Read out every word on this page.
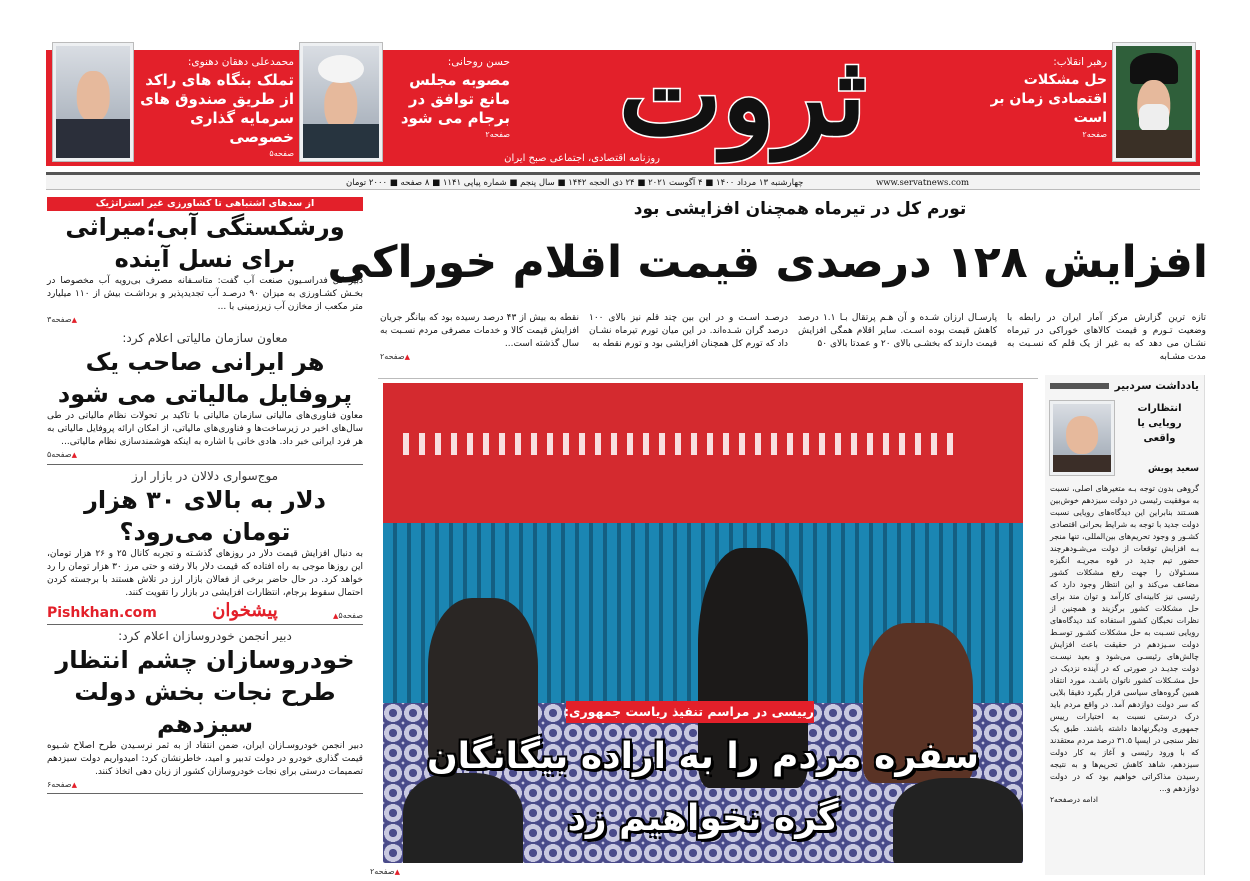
محمدعلی دهقان دهنوی:
تملک بنگاه های راکد از طریق صندوق های سرمایه گذاری خصوصی
صفحه۵
حسن روحانی:
مصوبه مجلس مانع توافق در برجام می شود
صفحه۲ ثروت
روزنامه اقتصادی، اجتماعی صبح ایران
رهبر انقلاب:
حل مشکلات اقتصادی زمان بر است
صفحه۲
چهارشنبه ۱۳ مرداد ۱۴۰۰ ■ ۴ آگوست ۲۰۲۱ ■ ۲۴ ذی الحجه ۱۴۴۲ ■ سال پنجم ■ شماره پیاپی ۱۱۴۱ ■ ۸ صفحه ■ ۲۰۰۰ تومان	www.servatnews.com
تورم کل در تیرماه همچنان افزایشی بود
افزایش ۱۲۸ درصدی قیمت اقلام خوراکی
تازه ترین گزارش مرکز آمار ایران در رابطه با وضعیت تـورم و قیمت کالاهای خوراکی در تیرماه نشـان می دهد که به غیر از یک قلم که نسـبت به مدت مشـابه
پارسـال ارزان شـده و آن هـم پرتقال بـا ۱.۱ درصد کاهش قیمت بوده اسـت. سایر اقلام همگی افزایش قیمت دارند که بخشـی بالای ۲۰ و عمدتا بالای ۵۰
درصـد اسـت و در این بین چند قلم نیز بالای ۱۰۰ درصد گران شـده‌اند. در این میان تورم تیرماه نشـان داد که تورم کل همچنان افزایشی بود و تورم نقطه به
نقطه به بیش از ۴۳ درصد رسیده بود که بیانگر جریان افزایش قیمت کالا و خدمات مصرفی مردم نسـبت به سال گذشته است...
▲ صفحه۲
رییسی در مراسم تنفیذ ریاست جمهوری:
سفره مردم را به اراده بیگانگان
گره نخواهیم زد
▲ صفحه۲
از سدهای اشتباهی تا کشاورزی غیر استراتژیک
ورشکستگی آبی؛میراثی برای نسل آینده
دبیر کل فدراسـیون صنعت آب گفت: متاسـفانه مصرف بی‌رویه آب مخصوصا در بخـش کشـاورزی به میزان ۹۰ درصـد آب تجدیدپذیر و برداشـت بیش از ۱۱۰ میلیارد متر مکعب از مخازن آب زیرزمینی با ...
▲ صفحه۳
معاون سازمان مالیاتی اعلام کرد:
هر ایرانی صاحب یک پروفایل مالیاتی می شود
معاون فناوری‌های مالیاتی سازمان مالیاتی با تاکید بر تحولات نظام مالیاتی در طی سال‌های اخیر در زیرساخت‌ها و فناوری‌های مالیاتی، از امکان ارائه پروفایل مالیاتی به هر فرد ایرانی خبر داد. هادی خانی با اشاره به اینکه هوشمندسازی نظام مالیاتی...
▲ صفحه۵
موج‌سواری دلالان در بازار ارز
دلار به بالای ۳۰ هزار تومان می‌رود؟
به دنبال افزایش قیمت دلار در روزهای گذشـته و تجربه کانال ۲۵ و ۲۶ هزار تومان، این روزها موجی به راه افتاده که قیمت دلار بالا رفته و حتی مرز ۳۰ هزار تومان را رد خواهد کرد. در حال حاضر برخی از فعالان بازار ارز در تلاش هستند با برجسته کردن احتمال سقوط برجام، انتظارات افزایشی در بازار را تقویت کنند.
Pishkhan.com	پیشخوان	▲ صفحه۵
دبیر انجمن خودروسازان اعلام کرد:
خودروسازان چشم انتظار طرح نجات بخش دولت سیزدهم
دبیر انجمن خودروسـازان ایران، ضمن انتقاد از به ثمر نرسـیدن طرح اصلاح شـیوه قیمت گذاری خودرو در دولت تدبیر و امید، خاطرنشان کرد: امیدواریم دولت سیزدهم تصمیمات درستی برای نجات خودروسازان کشور از زبان دهی اتخاذ کنند.
▲ صفحه۶
یادداشت سردبیر
انتظارات رویایی یا واقعی
سعید پویش
گروهی بدون توجه بـه متغیرهای اصلی، نسبت به موفقیت رئیسی در دولت سیزدهم خوش‌بین هسـتند بنابراین این دیدگاه‌های رویایی نسبت دولت جدید با توجه به شرایط بحرانی اقتصادی کشـور و وجود تحریم‌های بین‌المللی، تنها منجر بـه افزایش توقعات از دولت می‌شـودهرچند حضور تیم جدید در قوه مجریـه انگیزه مسـئولان را جهت رفع مشکلات کشور مضاعف می‌کند و این انتظار وجود دارد که رئیسی نیز کابینه‌ای کارآمد و توان مند برای حل مشکلات کشور برگزیند و همچنین از نظرات نخبگان کشور استفاده کند دیدگاه‌های رویایی نسـبت به حل مشکلات کشـور توسـط دولت سـیزدهم در حقیقت باعث افزایش چالش‌های رئیسـی می‌شود و بعید نیسـت دولت جدیـد در صورتی که در آینده نزدیک در حل مشـکلات کشور ناتوان باشـد، مورد انتقاد همین گروه‌های سیاسی قرار بگیرد دقیقا بلایی که سر دولت دوازدهم آمد. در واقع مردم باید درک درستی نسبت به اختیارات رییس جمهوری ودیگرنهادها داشته باشند. طبق یک نظر سنجی در ایسپا ۳۱.۵ درصد مردم معتقدند که با ورود رئیسی و آغاز به کار دولت سیزدهم، شاهد کاهش تحریم‌ها و به نتیجه رسیدن مذاکراتی خواهیم بود که در دولت دوازدهم و...
ادامه درصفحه۲
